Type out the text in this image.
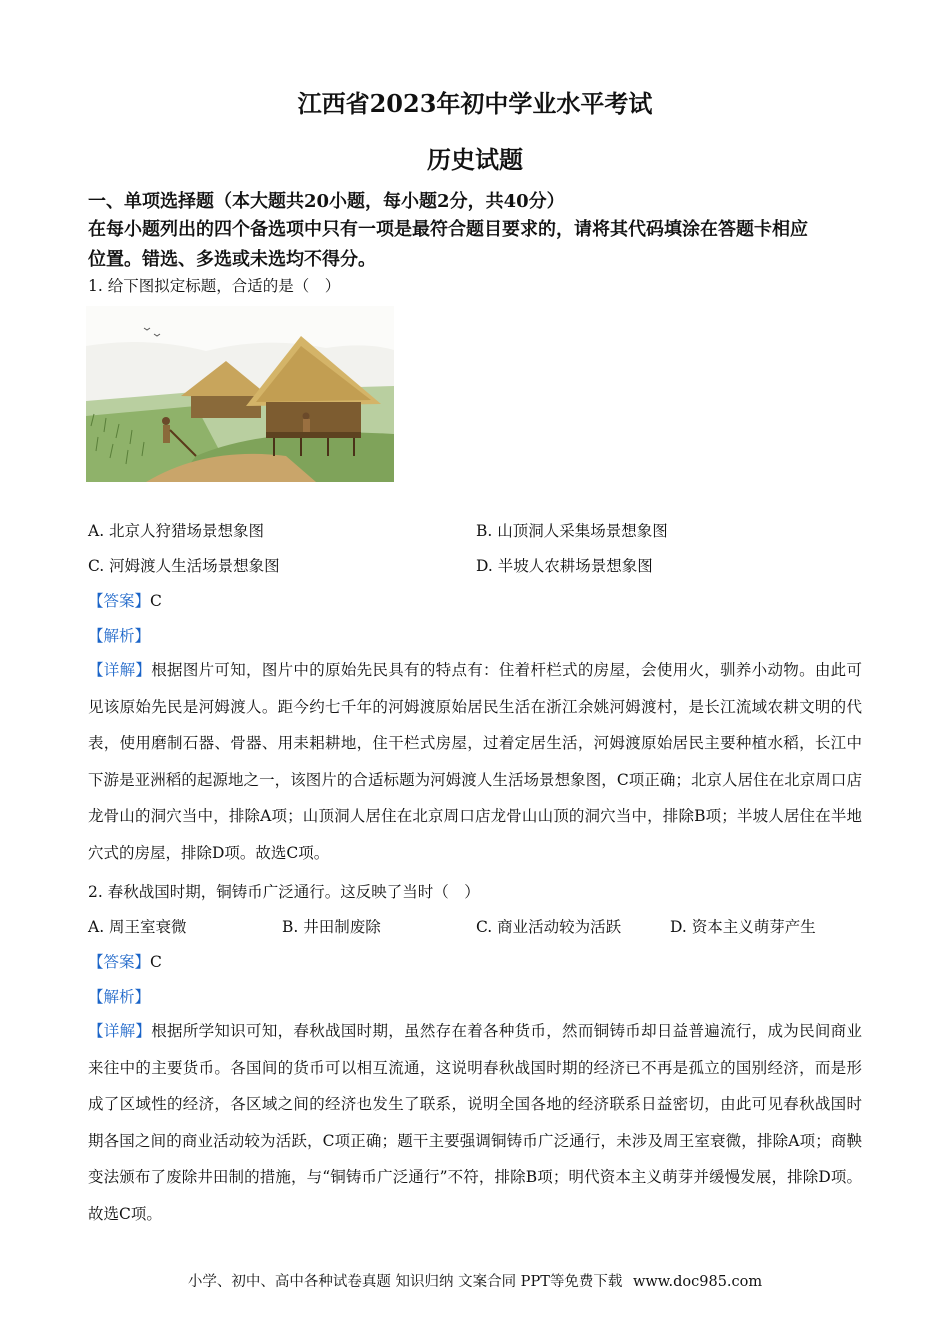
江西省2023年初中学业水平考试
历史试题
一、单项选择题（本大题共20小题，每小题2分，共40分）
在每小题列出的四个备选项中只有一项是最符合题目要求的，请将其代码填涂在答题卡相应
位置。错选、多选或未选均不得分。
1. 给下图拟定标题，合适的是（　）
A. 北京人狩猎场景想象图	B. 山顶洞人采集场景想象图
C. 河姆渡人生活场景想象图	D. 半坡人农耕场景想象图
【答案】C
【解析】
【详解】根据图片可知，图片中的原始先民具有的特点有：住着杆栏式的房屋，会使用火，驯养小动物。由此可见该原始先民是河姆渡人。距今约七千年的河姆渡原始居民生活在浙江余姚河姆渡村，是长江流域农耕文明的代表，使用磨制石器、骨器、用耒耜耕地，住干栏式房屋，过着定居生活，河姆渡原始居民主要种植水稻，长江中下游是亚洲稻的起源地之一，该图片的合适标题为河姆渡人生活场景想象图，C项正确；北京人居住在北京周口店龙骨山的洞穴当中，排除A项；山顶洞人居住在北京周口店龙骨山山顶的洞穴当中，排除B项；半坡人居住在半地穴式的房屋，排除D项。故选C项。
2. 春秋战国时期，铜铸币广泛通行。这反映了当时（　）
A. 周王室衰微	B. 井田制废除	C. 商业活动较为活跃	D. 资本主义萌芽产生
【答案】C
【解析】
【详解】根据所学知识可知，春秋战国时期，虽然存在着各种货币，然而铜铸币却日益普遍流行，成为民间商业来往中的主要货币。各国间的货币可以相互流通，这说明春秋战国时期的经济已不再是孤立的国别经济，而是形成了区域性的经济，各区域之间的经济也发生了联系，说明全国各地的经济联系日益密切，由此可见春秋战国时期各国之间的商业活动较为活跃，C项正确；题干主要强调铜铸币广泛通行，未涉及周王室衰微，排除A项；商鞅变法颁布了废除井田制的措施，与“铜铸币广泛通行”不符，排除B项；明代资本主义萌芽并缓慢发展，排除D项。故选C项。
小学、初中、高中各种试卷真题 知识归纳 文案合同 PPT等免费下载 www.doc985.com
